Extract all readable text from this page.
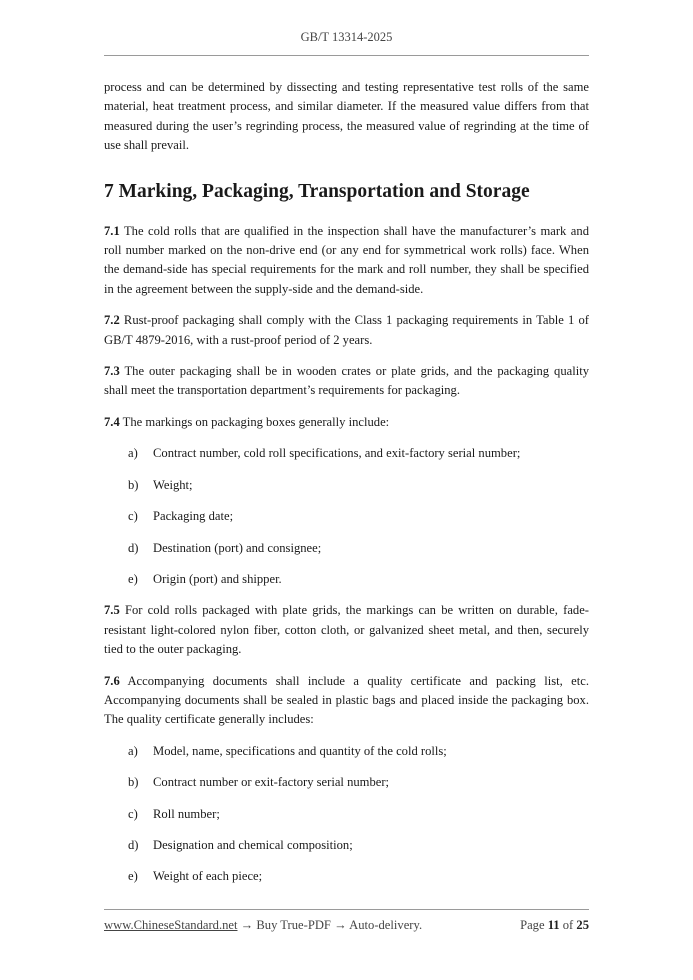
GB/T 13314-2025

process and can be determined by dissecting and testing representative test rolls of the same material, heat treatment process, and similar diameter. If the measured value differs from that measured during the user’s regrinding process, the measured value of regrinding at the time of use shall prevail.

7 Marking, Packaging, Transportation and Storage

7.1 The cold rolls that are qualified in the inspection shall have the manufacturer’s mark and roll number marked on the non-drive end (or any end for symmetrical work rolls) face. When the demand-side has special requirements for the mark and roll number, they shall be specified in the agreement between the supply-side and the demand-side.

7.2 Rust-proof packaging shall comply with the Class 1 packaging requirements in Table 1 of GB/T 4879-2016, with a rust-proof period of 2 years.

7.3 The outer packaging shall be in wooden crates or plate grids, and the packaging quality shall meet the transportation department’s requirements for packaging.

7.4 The markings on packaging boxes generally include:

a)	Contract number, cold roll specifications, and exit-factory serial number;
b)	Weight;
c)	Packaging date;
d)	Destination (port) and consignee;
e)	Origin (port) and shipper.

7.5 For cold rolls packaged with plate grids, the markings can be written on durable, fade-resistant light-colored nylon fiber, cotton cloth, or galvanized sheet metal, and then, securely tied to the outer packaging.

7.6 Accompanying documents shall include a quality certificate and packing list, etc. Accompanying documents shall be sealed in plastic bags and placed inside the packaging box. The quality certificate generally includes:

a)	Model, name, specifications and quantity of the cold rolls;
b)	Contract number or exit-factory serial number;
c)	Roll number;
d)	Designation and chemical composition;
e)	Weight of each piece;
www.ChineseStandard.net → Buy True-PDF → Auto-delivery.	Page 11 of 25
